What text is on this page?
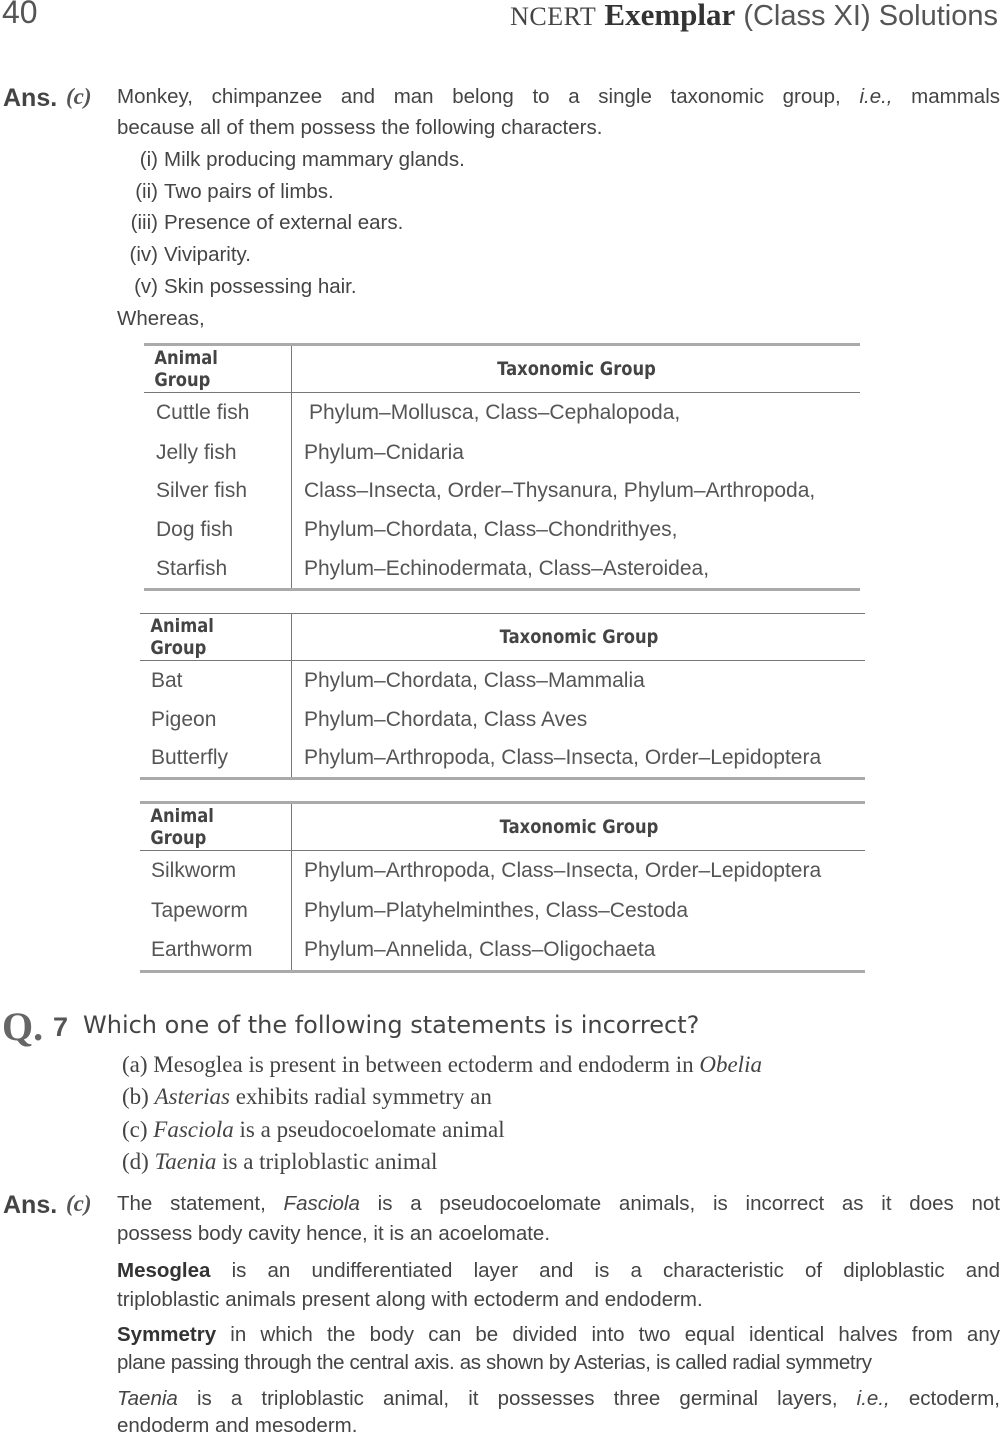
40	NCERT Exemplar (Class XI) Solutions
Ans. (c) Monkey, chimpanzee and man belong to a single taxonomic group, i.e., mammals
because all of them possess the following characters.
(i) Milk producing mammary glands.
(ii) Two pairs of limbs.
(iii) Presence of external ears.
(iv) Viviparity.
(v) Skin possessing hair.
Whereas,
Animal Group	Taxonomic Group
Cuttle fish	Phylum–Mollusca, Class–Cephalopoda,
Jelly fish	Phylum–Cnidaria
Silver fish	Class–Insecta, Order–Thysanura, Phylum–Arthropoda,
Dog fish	Phylum–Chordata, Class–Chondrithyes,
Starfish	Phylum–Echinodermata, Class–Asteroidea,
Animal Group	Taxonomic Group
Bat	Phylum–Chordata, Class–Mammalia
Pigeon	Phylum–Chordata, Class Aves
Butterfly	Phylum–Arthropoda, Class–Insecta, Order–Lepidoptera
Animal Group	Taxonomic Group
Silkworm	Phylum–Arthropoda, Class–Insecta, Order–Lepidoptera
Tapeworm	Phylum–Platyhelminthes, Class–Cestoda
Earthworm	Phylum–Annelida, Class–Oligochaeta
Q. 7 Which one of the following statements is incorrect?
(a) Mesoglea is present in between ectoderm and endoderm in Obelia
(b) Asterias exhibits radial symmetry an
(c) Fasciola is a pseudocoelomate animal
(d) Taenia is a triploblastic animal
Ans. (c) The statement, Fasciola is a pseudocoelomate animals, is incorrect as it does not
possess body cavity hence, it is an acoelomate.
Mesoglea is an undifferentiated layer and is a characteristic of diploblastic and
triploblastic animals present along with ectoderm and endoderm.
Symmetry in which the body can be divided into two equal identical halves from any
plane passing through the central axis. as shown by Asterias, is called radial symmetry
Taenia is a triploblastic animal, it possesses three germinal layers, i.e., ectoderm,
endoderm and mesoderm.
